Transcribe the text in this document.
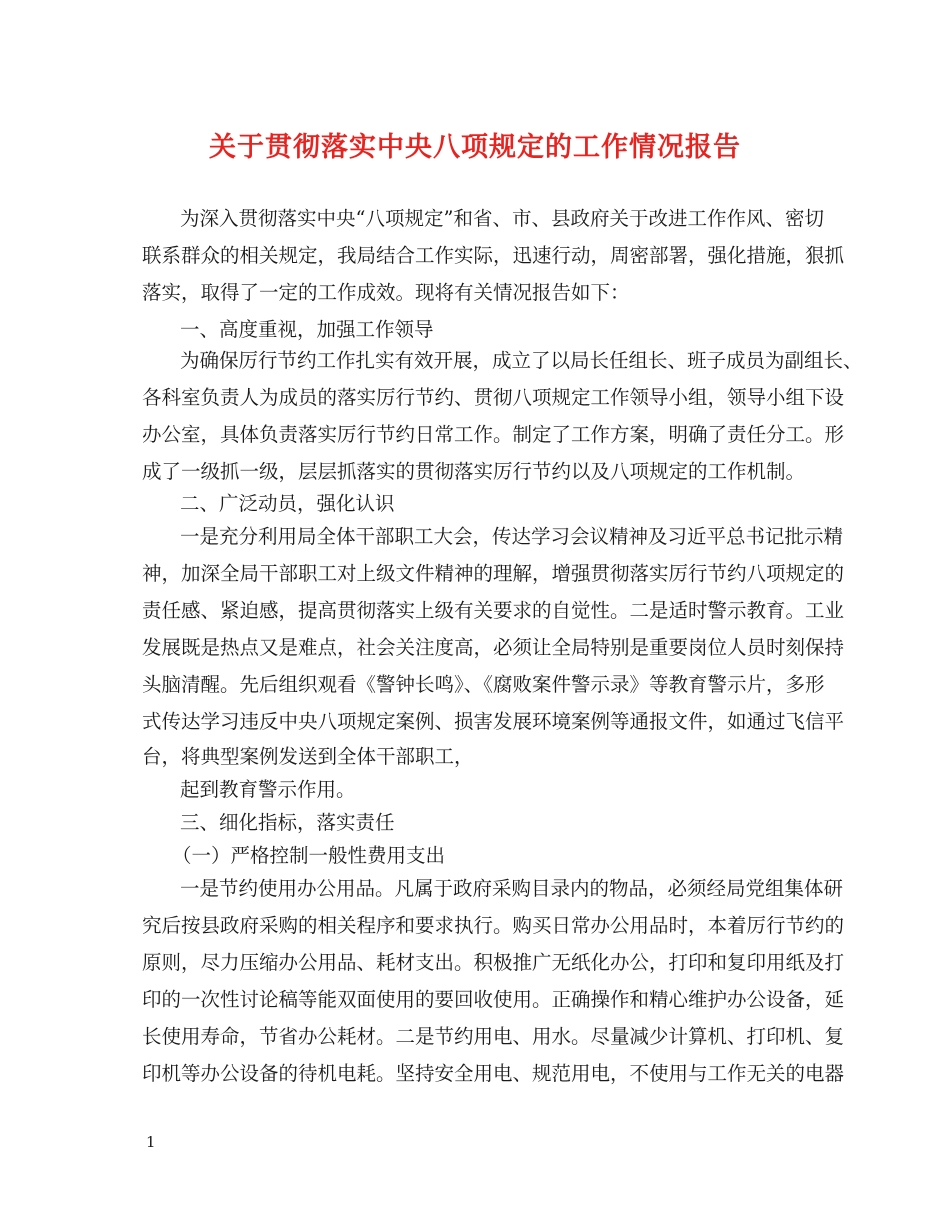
关于贯彻落实中央八项规定的工作情况报告
为深入贯彻落实中央“八项规定”和省、市、县政府关于改进工作作风、密切
联系群众的相关规定，我局结合工作实际，迅速行动，周密部署，强化措施，狠抓
落实，取得了一定的工作成效。现将有关情况报告如下：
一、高度重视，加强工作领导
为确保厉行节约工作扎实有效开展，成立了以局长任组长、班子成员为副组长、
各科室负责人为成员的落实厉行节约、贯彻八项规定工作领导小组，领导小组下设
办公室，具体负责落实厉行节约日常工作。制定了工作方案，明确了责任分工。形
成了一级抓一级，层层抓落实的贯彻落实厉行节约以及八项规定的工作机制。
二、广泛动员，强化认识
一是充分利用局全体干部职工大会，传达学习会议精神及习近平总书记批示精
神，加深全局干部职工对上级文件精神的理解，增强贯彻落实厉行节约八项规定的
责任感、紧迫感，提高贯彻落实上级有关要求的自觉性。二是适时警示教育。工业
发展既是热点又是难点，社会关注度高，必须让全局特别是重要岗位人员时刻保持
头脑清醒。先后组织观看《警钟长鸣》、《腐败案件警示录》等教育警示片，多形
式传达学习违反中央八项规定案例、损害发展环境案例等通报文件，如通过飞信平
台，将典型案例发送到全体干部职工，
起到教育警示作用。
三、细化指标，落实责任
（一）严格控制一般性费用支出
一是节约使用办公用品。凡属于政府采购目录内的物品，必须经局党组集体研
究后按县政府采购的相关程序和要求执行。购买日常办公用品时，本着厉行节约的
原则，尽力压缩办公用品、耗材支出。积极推广无纸化办公，打印和复印用纸及打
印的一次性讨论稿等能双面使用的要回收使用。正确操作和精心维护办公设备，延
长使用寿命，节省办公耗材。二是节约用电、用水。尽量减少计算机、打印机、复
印机等办公设备的待机电耗。坚持安全用电、规范用电，不使用与工作无关的电器
1
